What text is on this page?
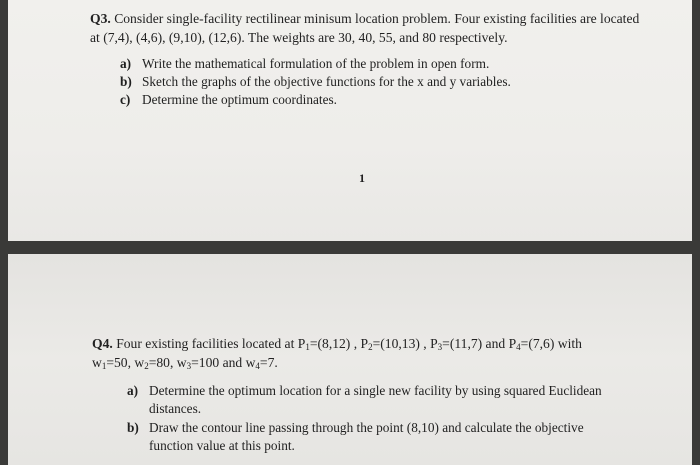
Q3. Consider single-facility rectilinear minisum location problem. Four existing facilities are located at (7,4), (4,6), (9,10), (12,6). The weights are 30, 40, 55, and 80 respectively.
a) Write the mathematical formulation of the problem in open form.
b) Sketch the graphs of the objective functions for the x and y variables.
c) Determine the optimum coordinates.
1
Q4. Four existing facilities located at $P_1=(8,12)$ , $P_2=(10,13)$ , $P_3=(11,7)$ and $P_4=(7,6)$ with
$w_1=50$, $w_2=80$, $w_3=100$ and $w_4=7$.
a) Determine the optimum location for a single new facility by using squared Euclidean distances.
b) Draw the contour line passing through the point (8,10) and calculate the objective function value at this point.
